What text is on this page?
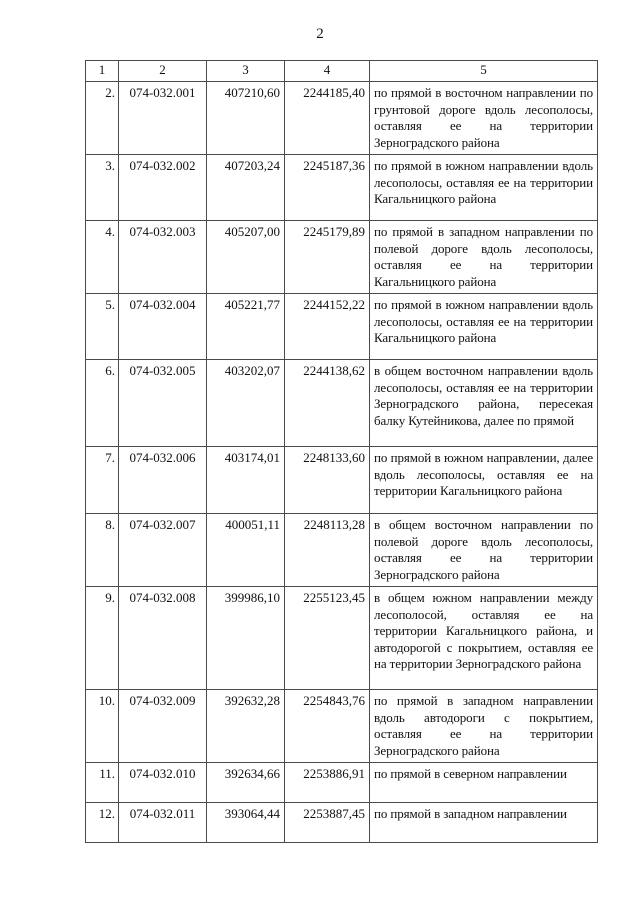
2
1	2	3	4	5
2.	074-032.001	407210,60	2244185,40	по прямой в восточном направлении по грунтовой дороге вдоль лесополосы, оставляя ее на территории Зерноградского района
3.	074-032.002	407203,24	2245187,36	по прямой в южном направлении вдоль лесополосы, оставляя ее на территории Кагальницкого района
4.	074-032.003	405207,00	2245179,89	по прямой в западном направлении по полевой дороге вдоль лесополосы, оставляя ее на территории Кагальницкого района
5.	074-032.004	405221,77	2244152,22	по прямой в южном направлении вдоль лесополосы, оставляя ее на территории Кагальницкого района
6.	074-032.005	403202,07	2244138,62	в общем восточном направлении вдоль лесополосы, оставляя ее на территории Зерноградского района, пересекая балку Кутейникова, далее по прямой
7.	074-032.006	403174,01	2248133,60	по прямой в южном направлении, далее вдоль лесополосы, оставляя ее на территории Кагальницкого района
8.	074-032.007	400051,11	2248113,28	в общем восточном направлении по полевой дороге вдоль лесополосы, оставляя ее на территории Зерноградского района
9.	074-032.008	399986,10	2255123,45	в общем южном направлении между лесополосой, оставляя ее на территории Кагальницкого района, и автодорогой с покрытием, оставляя ее на территории Зерноградского района
10.	074-032.009	392632,28	2254843,76	по прямой в западном направлении вдоль автодороги с покрытием, оставляя ее на территории Зерноградского района
11.	074-032.010	392634,66	2253886,91	по прямой в северном направлении
12.	074-032.011	393064,44	2253887,45	по прямой в западном направлении
